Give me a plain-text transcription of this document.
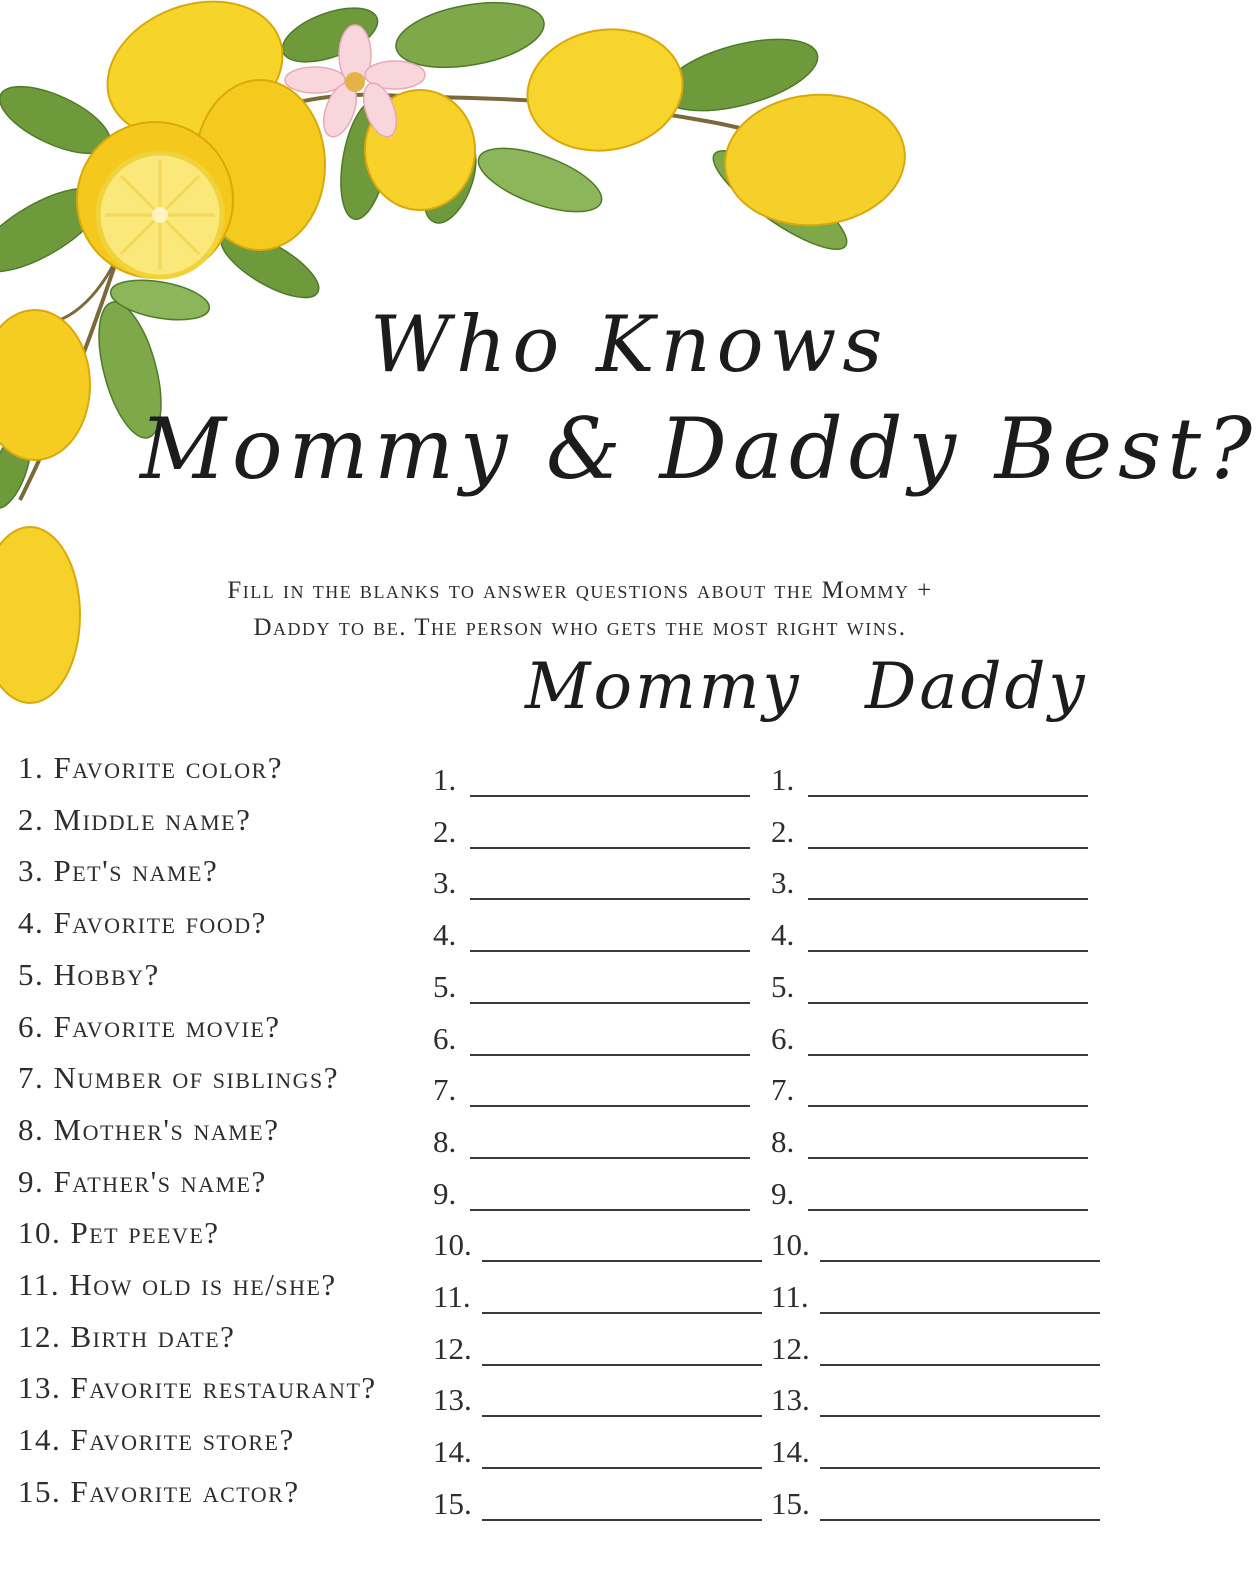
Who Knows
Mommy & Daddy Best?
Fill in the blanks to answer questions about the Mommy +
Daddy to be. The person who gets the most right wins.
Mommy Daddy
1. Favorite color?	1.	1.
2. Middle name?	2.	2.
3. Pet's name?	3.	3.
4. Favorite food?	4.	4.
5. Hobby?	5.	5.
6. Favorite movie?	6.	6.
7. Number of siblings?	7.	7.
8. Mother's name?	8.	8.
9. Father's name?	9.	9.
10. Pet peeve?	10.	10.
11. How old is he/she?	11.	11.
12. Birth date?	12.	12.
13. Favorite restaurant? 13.	13.
14. Favorite store?	14.	14.
15. Favorite actor?	15.	15.
